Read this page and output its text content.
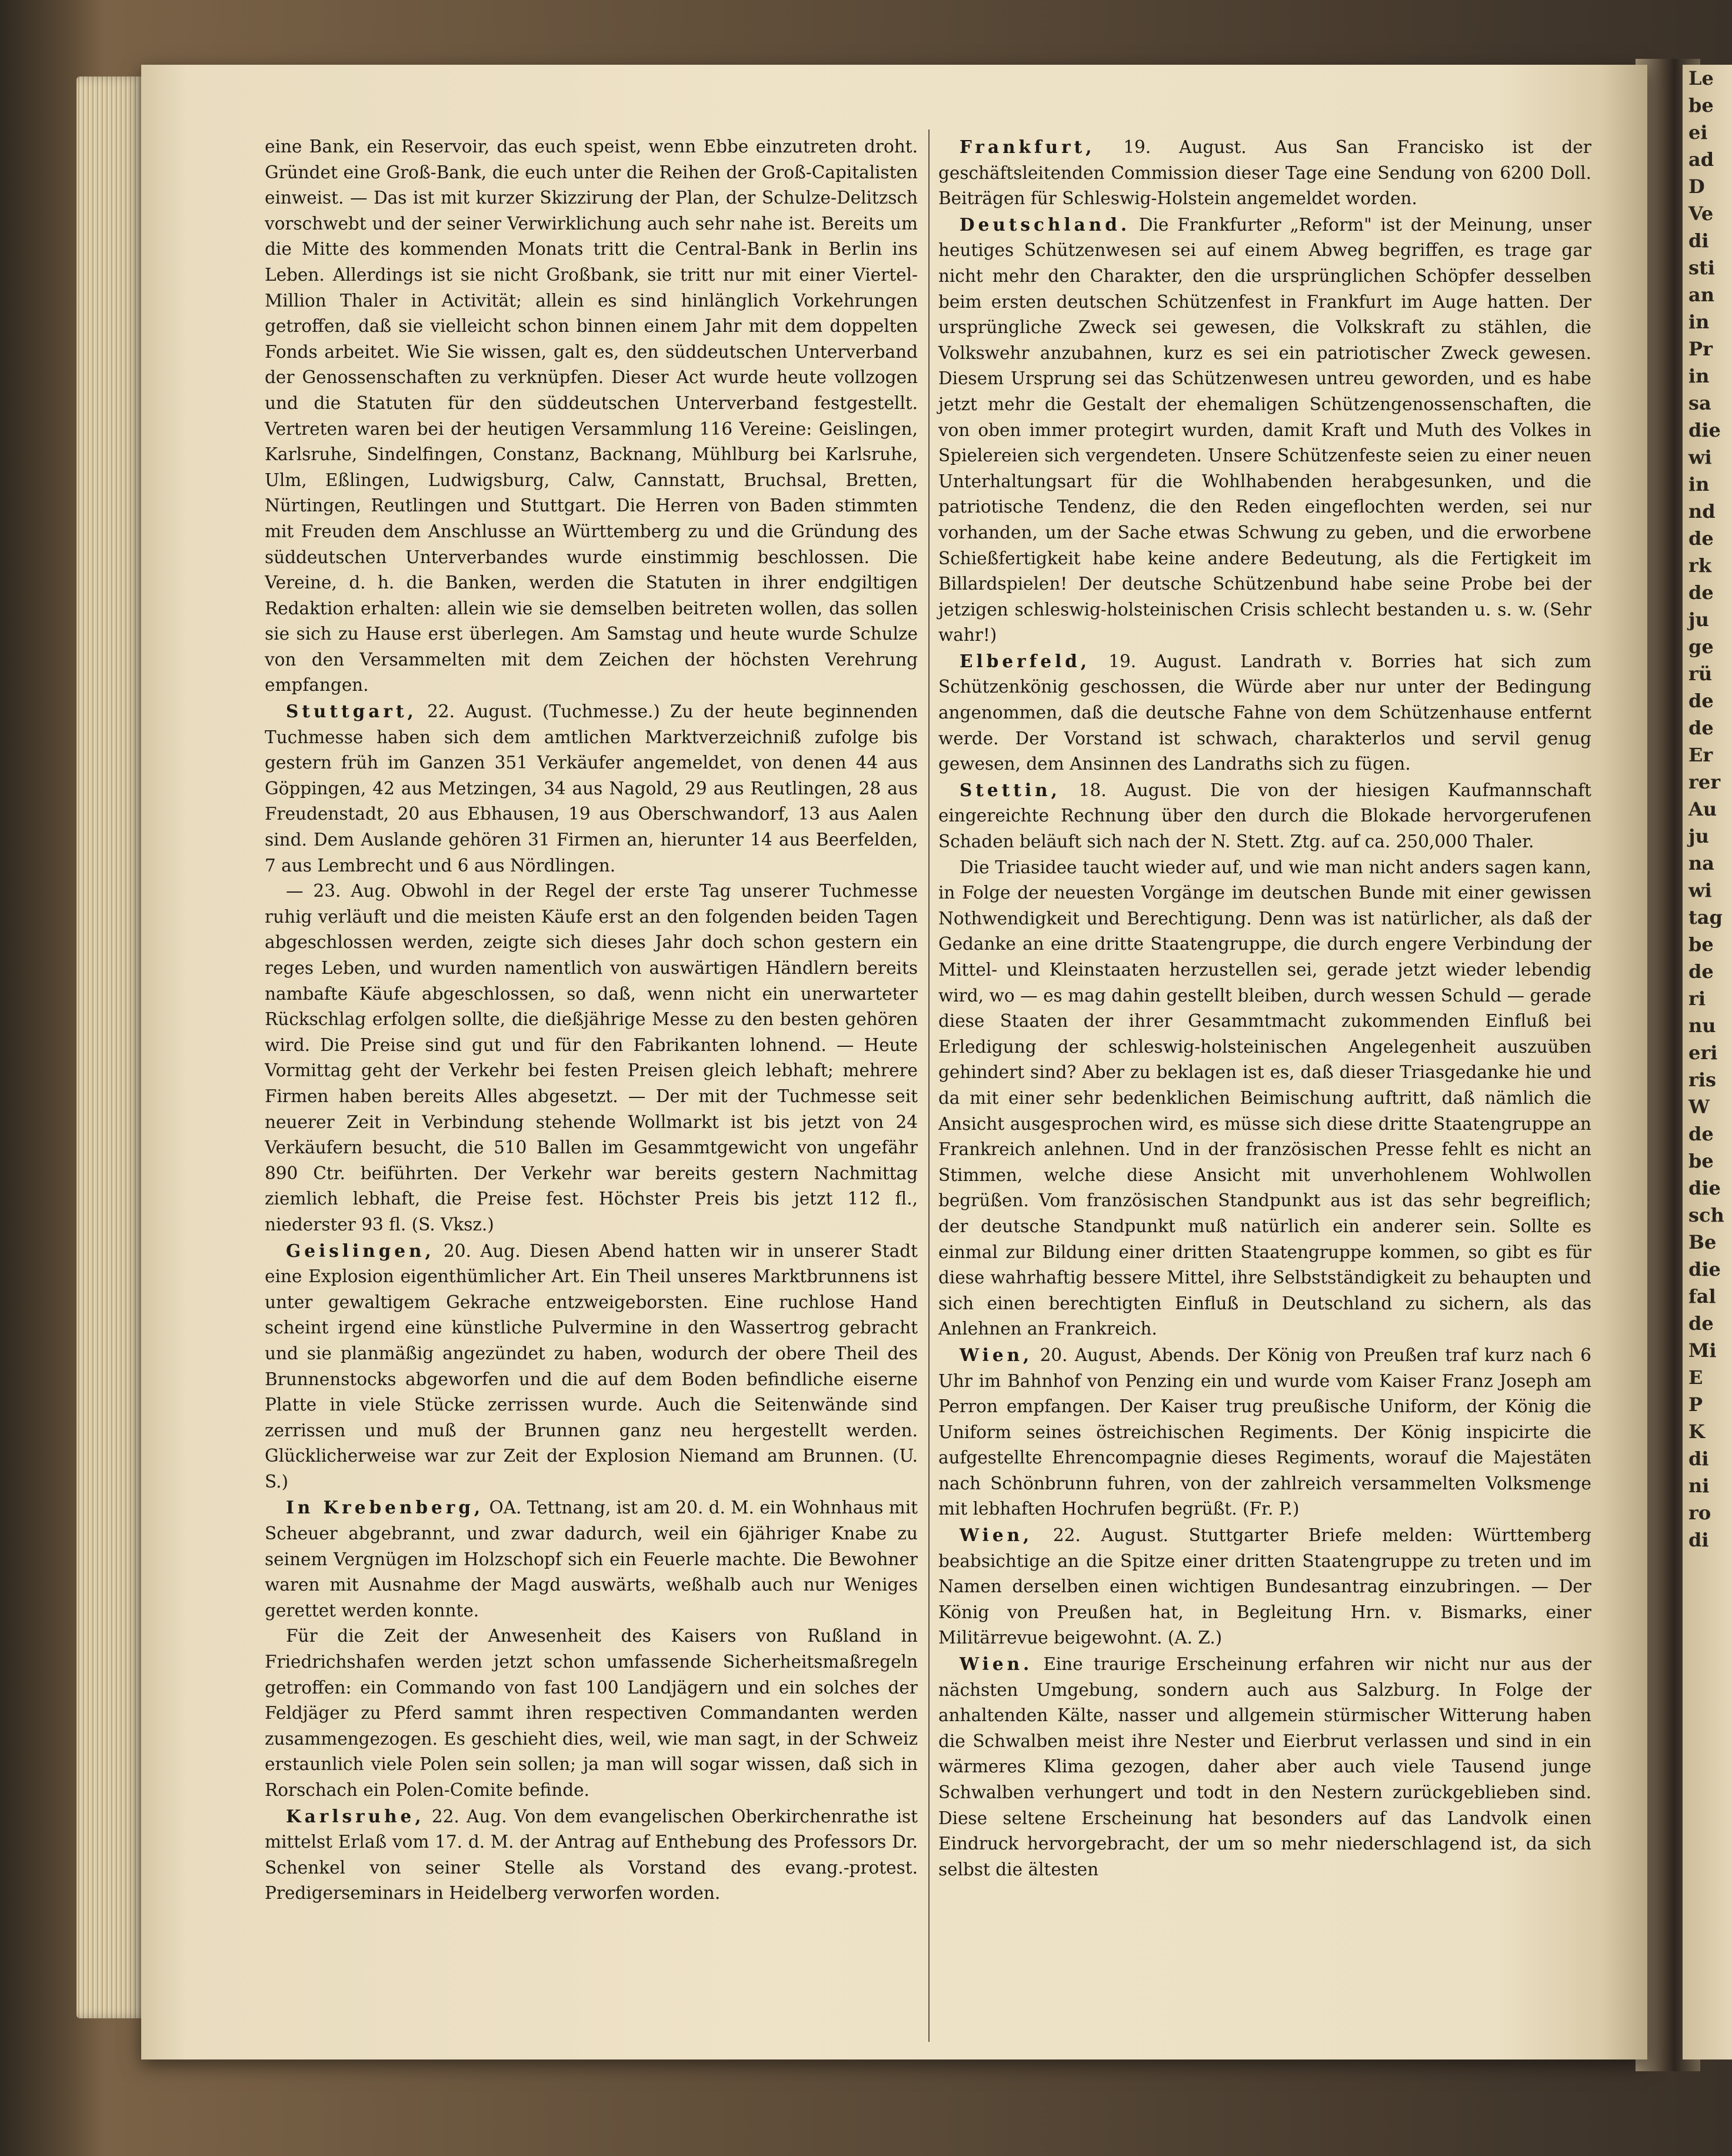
Le
be
ei
ad
D
Ve
di
sti
an
in
Pr
in
sa
die
wi
in
nd
de
rk
de
ju
ge
rü
de
de
Er
rer
Au
ju
na
wi
tag
be
de
ri
nu
eri
ris
W
de
be
die
sch
Be
die
fal
de
Mi
E
P
K
di
ni
ro
di

eine Bank, ein Reservoir, das euch speist, wenn Ebbe einzutreten droht. Gründet eine Groß-Bank, die euch unter die Reihen der Groß-Capitalisten einweist. — Das ist mit kurzer Skizzirung der Plan, der Schulze-Delitzsch vorschwebt und der seiner Verwirklichung auch sehr nahe ist. Bereits um die Mitte des kommenden Monats tritt die Central-Bank in Berlin ins Leben. Allerdings ist sie nicht Großbank, sie tritt nur mit einer Viertel-Million Thaler in Activität; allein es sind hinlänglich Vorkehrungen getroffen, daß sie vielleicht schon binnen einem Jahr mit dem doppelten Fonds arbeitet. Wie Sie wissen, galt es, den süddeutschen Unterverband der Genossenschaften zu verknüpfen. Dieser Act wurde heute vollzogen und die Statuten für den süddeutschen Unterverband festgestellt. Vertreten waren bei der heutigen Versammlung 116 Vereine: Geislingen, Karlsruhe, Sindelfingen, Constanz, Backnang, Mühlburg bei Karlsruhe, Ulm, Eßlingen, Ludwigsburg, Calw, Cannstatt, Bruchsal, Bretten, Nürtingen, Reutlingen und Stuttgart. Die Herren von Baden stimmten mit Freuden dem Anschlusse an Württemberg zu und die Gründung des süddeutschen Unterverbandes wurde einstimmig beschlossen. Die Vereine, d. h. die Banken, werden die Statuten in ihrer endgiltigen Redaktion erhalten: allein wie sie demselben beitreten wollen, das sollen sie sich zu Hause erst überlegen. Am Samstag und heute wurde Schulze von den Versammelten mit dem Zeichen der höchsten Verehrung empfangen.

Stuttgart, 22. August. (Tuchmesse.) Zu der heute beginnenden Tuchmesse haben sich dem amtlichen Marktverzeichniß zufolge bis gestern früh im Ganzen 351 Verkäufer angemeldet, von denen 44 aus Göppingen, 42 aus Metzingen, 34 aus Nagold, 29 aus Reutlingen, 28 aus Freudenstadt, 20 aus Ebhausen, 19 aus Oberschwandorf, 13 aus Aalen sind. Dem Auslande gehören 31 Firmen an, hierunter 14 aus Beerfelden, 7 aus Lembrecht und 6 aus Nördlingen.

— 23. Aug. Obwohl in der Regel der erste Tag unserer Tuchmesse ruhig verläuft und die meisten Käufe erst an den folgenden beiden Tagen abgeschlossen werden, zeigte sich dieses Jahr doch schon gestern ein reges Leben, und wurden namentlich von auswärtigen Händlern bereits nambafte Käufe abgeschlossen, so daß, wenn nicht ein unerwarteter Rückschlag erfolgen sollte, die dießjährige Messe zu den besten gehören wird. Die Preise sind gut und für den Fabrikanten lohnend. — Heute Vormittag geht der Verkehr bei festen Preisen gleich lebhaft; mehrere Firmen haben bereits Alles abgesetzt. — Der mit der Tuchmesse seit neuerer Zeit in Verbindung stehende Wollmarkt ist bis jetzt von 24 Verkäufern besucht, die 510 Ballen im Gesammtgewicht von ungefähr 890 Ctr. beiführten. Der Verkehr war bereits gestern Nachmittag ziemlich lebhaft, die Preise fest. Höchster Preis bis jetzt 112 fl., niederster 93 fl. (S. Vksz.)

Geislingen, 20. Aug. Diesen Abend hatten wir in unserer Stadt eine Explosion eigenthümlicher Art. Ein Theil unseres Marktbrunnens ist unter gewaltigem Gekrache entzweigeborsten. Eine ruchlose Hand scheint irgend eine künstliche Pulvermine in den Wassertrog gebracht und sie planmäßig angezündet zu haben, wodurch der obere Theil des Brunnenstocks abgeworfen und die auf dem Boden befindliche eiserne Platte in viele Stücke zerrissen wurde. Auch die Seitenwände sind zerrissen und muß der Brunnen ganz neu hergestellt werden. Glücklicherweise war zur Zeit der Explosion Niemand am Brunnen. (U. S.)

In Krebenberg, OA. Tettnang, ist am 20. d. M. ein Wohnhaus mit Scheuer abgebrannt, und zwar dadurch, weil ein 6jähriger Knabe zu seinem Vergnügen im Holzschopf sich ein Feuerle machte. Die Bewohner waren mit Ausnahme der Magd auswärts, weßhalb auch nur Weniges gerettet werden konnte.

Für die Zeit der Anwesenheit des Kaisers von Rußland in Friedrichshafen werden jetzt schon umfassende Sicherheitsmaßregeln getroffen: ein Commando von fast 100 Landjägern und ein solches der Feldjäger zu Pferd sammt ihren respectiven Commandanten werden zusammengezogen. Es geschieht dies, weil, wie man sagt, in der Schweiz erstaunlich viele Polen sein sollen; ja man will sogar wissen, daß sich in Rorschach ein Polen-Comite befinde.

Karlsruhe, 22. Aug. Von dem evangelischen Oberkirchenrathe ist mittelst Erlaß vom 17. d. M. der Antrag auf Enthebung des Professors Dr. Schenkel von seiner Stelle als Vorstand des evang.-protest. Predigerseminars in Heidelberg verworfen worden.

Frankfurt, 19. August. Aus San Francisko ist der geschäftsleitenden Commission dieser Tage eine Sendung von 6200 Doll. Beiträgen für Schleswig-Holstein angemeldet worden.

Deutschland. Die Frankfurter „Reform" ist der Meinung, unser heutiges Schützenwesen sei auf einem Abweg begriffen, es trage gar nicht mehr den Charakter, den die ursprünglichen Schöpfer desselben beim ersten deutschen Schützenfest in Frankfurt im Auge hatten. Der ursprüngliche Zweck sei gewesen, die Volkskraft zu stählen, die Volkswehr anzubahnen, kurz es sei ein patriotischer Zweck gewesen. Diesem Ursprung sei das Schützenwesen untreu geworden, und es habe jetzt mehr die Gestalt der ehemaligen Schützengenossenschaften, die von oben immer protegirt wurden, damit Kraft und Muth des Volkes in Spielereien sich vergendeten. Unsere Schützenfeste seien zu einer neuen Unterhaltungsart für die Wohlhabenden herabgesunken, und die patriotische Tendenz, die den Reden eingeflochten werden, sei nur vorhanden, um der Sache etwas Schwung zu geben, und die erworbene Schießfertigkeit habe keine andere Bedeutung, als die Fertigkeit im Billardspielen! Der deutsche Schützenbund habe seine Probe bei der jetzigen schleswig-holsteinischen Crisis schlecht bestanden u. s. w. (Sehr wahr!)

Elberfeld, 19. August. Landrath v. Borries hat sich zum Schützenkönig geschossen, die Würde aber nur unter der Bedingung angenommen, daß die deutsche Fahne von dem Schützenhause entfernt werde. Der Vorstand ist schwach, charakterlos und servil genug gewesen, dem Ansinnen des Landraths sich zu fügen.

Stettin, 18. August. Die von der hiesigen Kaufmannschaft eingereichte Rechnung über den durch die Blokade hervorgerufenen Schaden beläuft sich nach der N. Stett. Ztg. auf ca. 250,000 Thaler.

Die Triasidee taucht wieder auf, und wie man nicht anders sagen kann, in Folge der neuesten Vorgänge im deutschen Bunde mit einer gewissen Nothwendigkeit und Berechtigung. Denn was ist natürlicher, als daß der Gedanke an eine dritte Staatengruppe, die durch engere Verbindung der Mittel- und Kleinstaaten herzustellen sei, gerade jetzt wieder lebendig wird, wo — es mag dahin gestellt bleiben, durch wessen Schuld — gerade diese Staaten der ihrer Gesammtmacht zukommenden Einfluß bei Erledigung der schleswig-holsteinischen Angelegenheit auszuüben gehindert sind? Aber zu beklagen ist es, daß dieser Triasgedanke hie und da mit einer sehr bedenklichen Beimischung auftritt, daß nämlich die Ansicht ausgesprochen wird, es müsse sich diese dritte Staatengruppe an Frankreich anlehnen. Und in der französischen Presse fehlt es nicht an Stimmen, welche diese Ansicht mit unverhohlenem Wohlwollen begrüßen. Vom französischen Standpunkt aus ist das sehr begreiflich; der deutsche Standpunkt muß natürlich ein anderer sein. Sollte es einmal zur Bildung einer dritten Staatengruppe kommen, so gibt es für diese wahrhaftig bessere Mittel, ihre Selbstständigkeit zu behaupten und sich einen berechtigten Einfluß in Deutschland zu sichern, als das Anlehnen an Frankreich.

Wien, 20. August, Abends. Der König von Preußen traf kurz nach 6 Uhr im Bahnhof von Penzing ein und wurde vom Kaiser Franz Joseph am Perron empfangen. Der Kaiser trug preußische Uniform, der König die Uniform seines östreichischen Regiments. Der König inspicirte die aufgestellte Ehrencompagnie dieses Regiments, worauf die Majestäten nach Schönbrunn fuhren, von der zahlreich versammelten Volksmenge mit lebhaften Hochrufen begrüßt. (Fr. P.)

Wien, 22. August. Stuttgarter Briefe melden: Württemberg beabsichtige an die Spitze einer dritten Staatengruppe zu treten und im Namen derselben einen wichtigen Bundesantrag einzubringen. — Der König von Preußen hat, in Begleitung Hrn. v. Bismarks, einer Militärrevue beigewohnt. (A. Z.)

Wien. Eine traurige Erscheinung erfahren wir nicht nur aus der nächsten Umgebung, sondern auch aus Salzburg. In Folge der anhaltenden Kälte, nasser und allgemein stürmischer Witterung haben die Schwalben meist ihre Nester und Eierbrut verlassen und sind in ein wärmeres Klima gezogen, daher aber auch viele Tausend junge Schwalben verhungert und todt in den Nestern zurückgeblieben sind. Diese seltene Erscheinung hat besonders auf das Landvolk einen Eindruck hervorgebracht, der um so mehr niederschlagend ist, da sich selbst die ältesten
